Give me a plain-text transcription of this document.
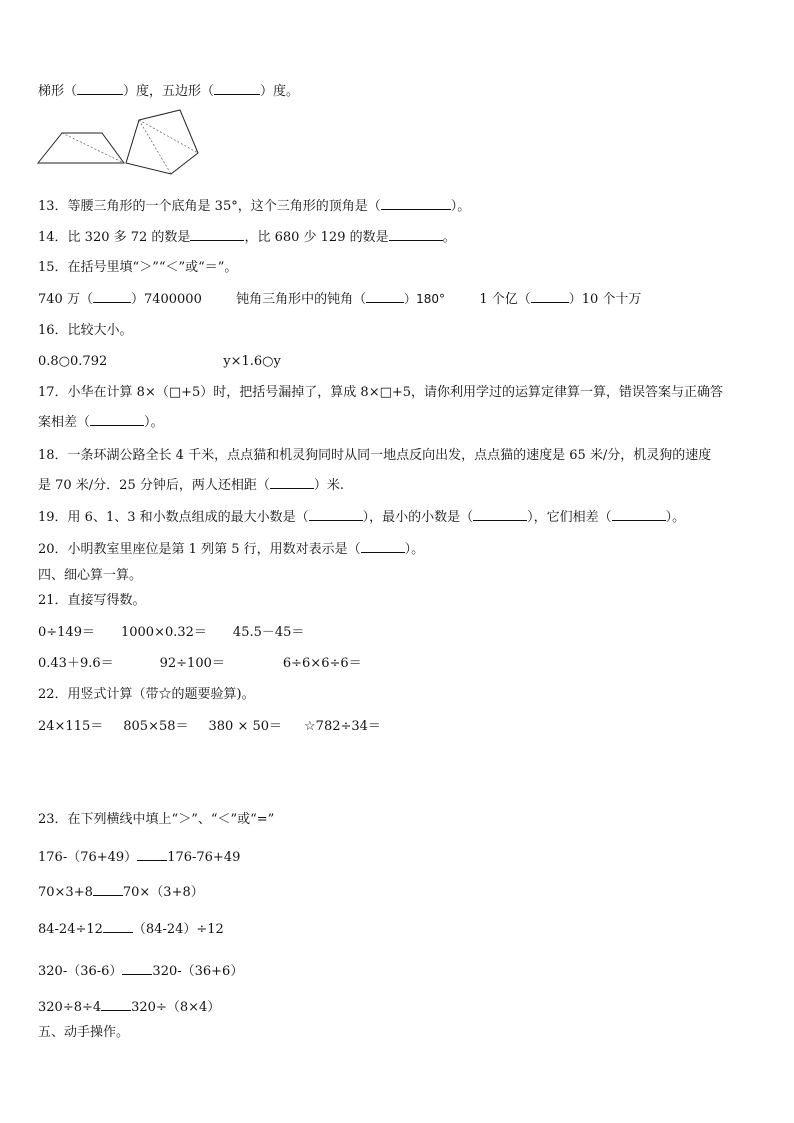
梯形（	）度，五边形（	）度。
13．等腰三角形的一个底角是 35°，这个三角形的顶角是（	）。
14．比 320 多 72 的数是	，比 680 少 129 的数是	。
15．在括号里填“＞”“＜”或“＝”。
740 万（	）7400000	钝角三角形中的钝角（	）180°	1 个亿（	）10 个十万
16．比较大小。
0.8○0.792	y×1.6○y
17．小华在计算 8×（□+5）时，把括号漏掉了，算成 8×□+5，请你利用学过的运算定律算一算，错误答案与正确答
案相差（	）。
18．一条环湖公路全长 4 千米，点点猫和机灵狗同时从同一地点反向出发，点点猫的速度是 65 米/分，机灵狗的速度
是 70 米/分．25 分钟后，两人还相距（	）米.
19．用 6、1、3 和小数点组成的最大小数是（	），最小的小数是（	），它们相差（	）。
20．小明教室里座位是第 1 列第 5 行，用数对表示是（	）。
四、细心算一算。
21．直接写得数。
0÷149＝ 1000×0.32＝ 45.5－45＝
0.43＋9.6＝	92÷100＝	6÷6×6÷6＝
22．用竖式计算（带☆的题要验算)。
24×115＝ 805×58＝ 380 × 50＝ ☆782÷34＝
23．在下列横线中填上“＞”、“＜”或“=”
176-（76+49） 176-76+49
70×3+8 70×（3+8）
84-24÷12 （84-24）÷12
320-（36-6） 320-（36+6）
320÷8÷4 320÷（8×4）
五、动手操作。
